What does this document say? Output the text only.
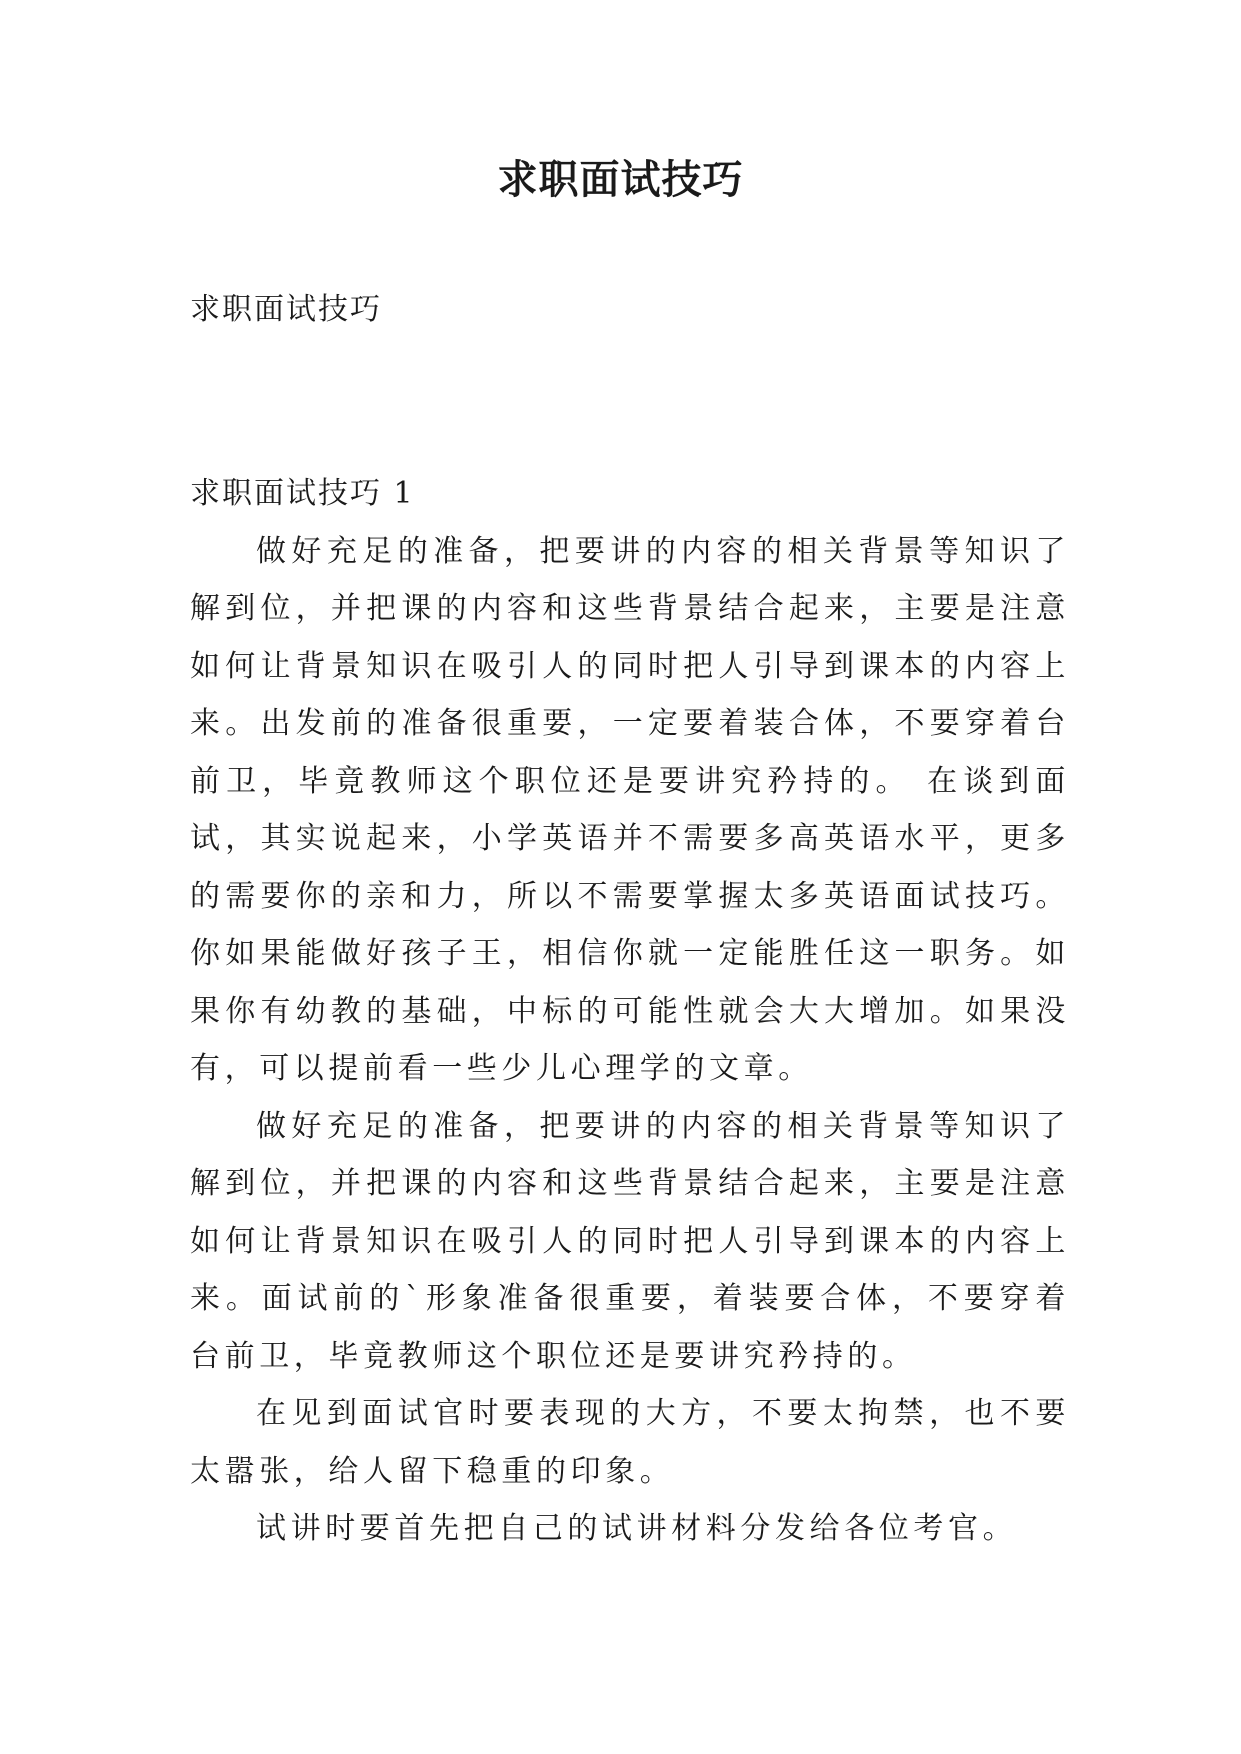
求职面试技巧

求职面试技巧

求职面试技巧 1

做好充足的准备，把要讲的内容的相关背景等知识了解到位，并把课的内容和这些背景结合起来，主要是注意如何让背景知识在吸引人的同时把人引导到课本的内容上来。出发前的准备很重要，一定要着装合体，不要穿着台前卫，毕竟教师这个职位还是要讲究矜持的。 在谈到面试，其实说起来，小学英语并不需要多高英语水平，更多的需要你的亲和力，所以不需要掌握太多英语面试技巧。你如果能做好孩子王，相信你就一定能胜任这一职务。如果你有幼教的基础，中标的可能性就会大大增加。如果没有，可以提前看一些少儿心理学的文章。

做好充足的准备，把要讲的内容的相关背景等知识了解到位，并把课的内容和这些背景结合起来，主要是注意如何让背景知识在吸引人的同时把人引导到课本的内容上来。面试前的`形象准备很重要，着装要合体，不要穿着台前卫，毕竟教师这个职位还是要讲究矜持的。

在见到面试官时要表现的大方，不要太拘禁，也不要太嚣张，给人留下稳重的印象。

试讲时要首先把自己的试讲材料分发给各位考官。
